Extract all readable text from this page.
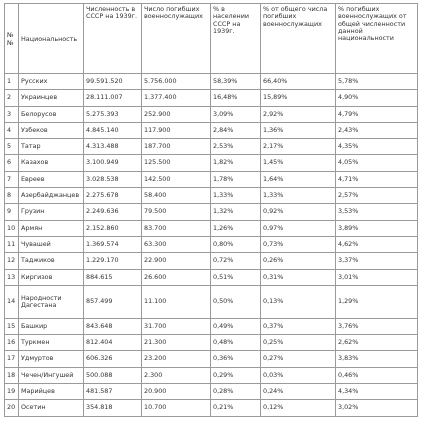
№ №	Национальность	Численность в СССР на 1939г.	Число погибших военнослужащих	% в населении СССР на 1939г.	% от общего числа погибших военнослужащих	% погибших военнослужащих от общей численности данной национальности
1	Русских	99.591.520	5.756.000	58,39%	66,40%	5,78%
2	Украинцев	28.111.007	1.377.400	16,48%	15,89%	4,90%
3	Белорусов	5.275.393	252.900	3,09%	2,92%	4,79%
4	Узбеков	4.845.140	117.900	2,84%	1,36%	2,43%
5	Татар	4.313.488	187.700	2,53%	2,17%	4,35%
6	Казахов	3.100.949	125.500	1,82%	1,45%	4,05%
7	Евреев	3.028.538	142.500	1,78%	1,64%	4,71%
8	Азербайджанцев	2.275.678	58.400	1,33%	1,33%	2,57%
9	Грузин	2.249.636	79.500	1,32%	0,92%	3,53%
10	Армян	2.152.860	83.700	1,26%	0,97%	3,89%
11	Чувашей	1.369.574	63.300	0,80%	0,73%	4,62%
12	Таджиков	1.229.170	22.900	0,72%	0,26%	3,37%
13	Киргизов	884.615	26.600	0,51%	0,31%	3,01%
14	Народности Дагестана	857.499	11.100	0,50%	0,13%	1,29%
15	Башкир	843.648	31.700	0,49%	0,37%	3,76%
16	Туркмен	812.404	21.300	0,48%	0,25%	2,62%
17	Удмуртов	606.326	23.200	0,36%	0,27%	3,83%
18	Чечен/Ингушей	500.088	2.300	0,29%	0,03%	0,46%
19	Марийцев	481.587	20.900	0,28%	0,24%	4,34%
20	Осетин	354.818	10.700	0,21%	0,12%	3,02%
